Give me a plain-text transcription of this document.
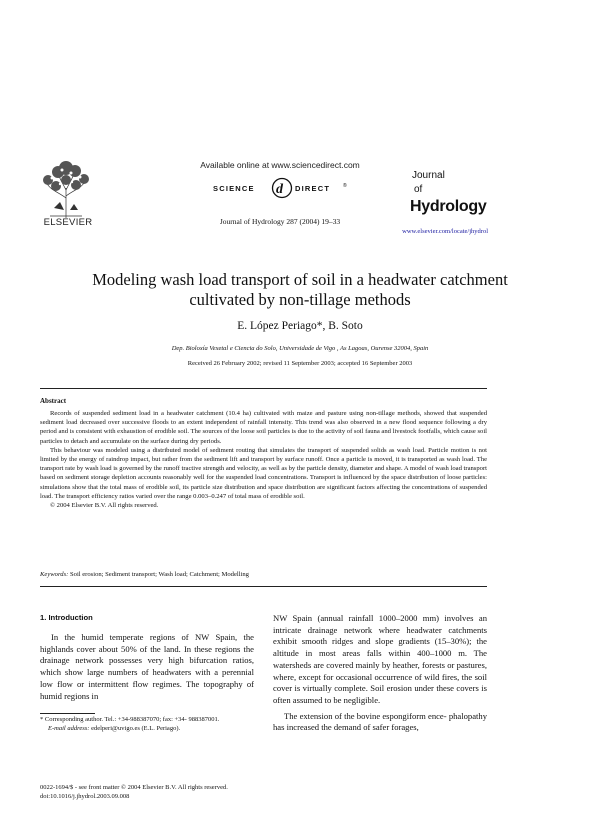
ELSEVIER
Available online at www.sciencedirect.com
SCIENCE d DIRECT	®
Journal of Hydrology 287 (2004) 19–33
Journal
of
Hydrology
www.elsevier.com/locate/jhydrol
Modeling wash load transport of soil in a headwater catchment
cultivated by non-tillage methods
E. López Periago*, B. Soto
Dep. Bioloxía Vexetal e Ciencia do Solo, Universidade de Vigo , As Lagoas, Ourense 32004, Spain
Received 26 February 2002; revised 11 September 2003; accepted 16 September 2003
Abstract

Records of suspended sediment load in a headwater catchment (10.4 ha) cultivated with maize and pasture using non-tillage methods, showed that suspended sediment load decreased over successive floods to an extent independent of rainfall intensity. This trend was also observed in a new flood sequence following a dry period and is consistent with exhaustion of erodible soil. The sources of the loose soil particles is due to the activity of soil fauna and livestock footfalls, which cause soil particles to detach and accumulate on the surface during dry periods.

This behaviour was modeled using a distributed model of sediment routing that simulates the transport of suspended solids as wash load. Particle motion is not limited by the energy of raindrop impact, but rather from the sediment lift and transport by surface runoff. Once a particle is moved, it is transported as wash load. The transport rate by wash load is governed by the runoff tractive strength and velocity, as well as by the particle density, diameter and shape. A model of wash load transport based on sediment storage depletion accounts reasonably well for the suspended load concentrations. Transport is influenced by the space distribution of loose particles: simulations show that the total mass of erodible soil, its particle size distribution and space distribution are significant factors affecting the concentrations of suspended load. The transport efficiency ratios varied over the range 0.003–0.247 of total mass of erodible soil.

© 2004 Elsevier B.V. All rights reserved.

Keywords: Soil erosion; Sediment transport; Wash load; Catchment; Modelling
1. Introduction

In the humid temperate regions of NW Spain, the highlands cover about 50% of the land. In these regions the drainage network possesses very high bifurcation ratios, which show large numbers of headwaters with a perennial low flow or intermittent flow regimes. The topography of humid regions in

NW Spain (annual rainfall 1000–2000 mm) involves an intricate drainage network where headwater catchments exhibit smooth ridges and slope gradients (15–30%); the altitude in most areas falls within 400–1000 m. The watersheds are covered mainly by heather, forests or pastures, where, except for occasional occurrence of wild fires, the soil cover is virtually complete. Soil erosion under these covers is often assumed to be negligible.

The extension of the bovine espongiform ence- phalopathy has increased the demand of safer forages,

* Corresponding author. Tel.: +34-988387070; fax: +34- 988387001.

E-mail address: edelperi@uvigo.es (E.L. Periago).

0022-1694/$ - see front matter © 2004 Elsevier B.V. All rights reserved.

doi:10.1016/j.jhydrol.2003.09.008
